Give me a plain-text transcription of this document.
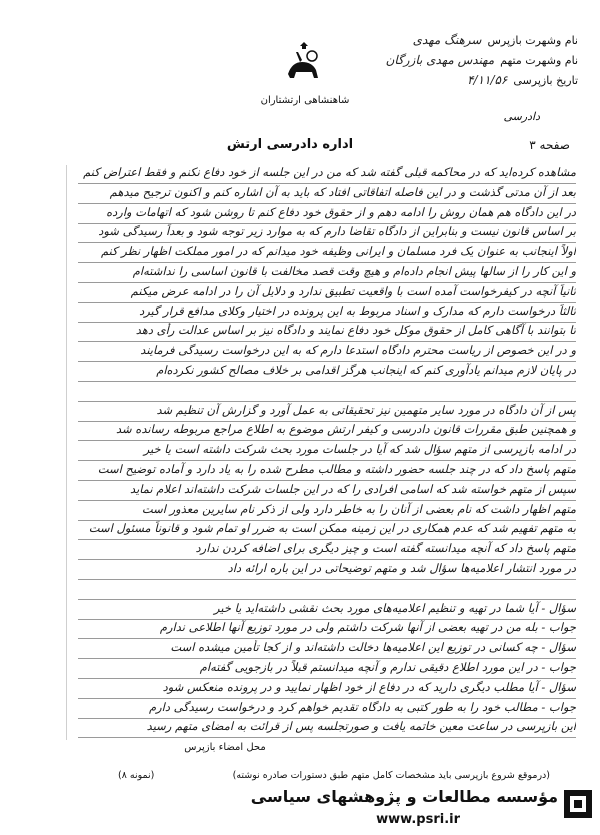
نام وشهرت بازپرس
سرهنگ مهدی
نام وشهرت متهم
مهندس مهدی بازرگان
تاریخ بازپرسی
۴/۱۱/۵۶
شاهنشاهی ارتشتاران
دادرسی
صفحه ۳
اداره دادرسی ارتش
مشاهده کرده‌اید که در محاکمه قبلی گفته شد که من در این جلسه از خود دفاع نکنم و فقط اعتراض کنم
بعد از آن مدتی گذشت و در این فاصله اتفاقاتی افتاد که باید به آن اشاره کنم و اکنون ترجیح میدهم
در این دادگاه هم همان روش را ادامه دهم و از حقوق خود دفاع کنم تا روشن شود که اتهامات وارده
بر اساس قانون نیست و بنابراین از دادگاه تقاضا دارم که به موارد زیر توجه شود و بعداً رسیدگی شود
اولاً اینجانب به عنوان یک فرد مسلمان و ایرانی وظیفه خود میدانم که در امور مملکت اظهار نظر کنم
و این کار را از سالها پیش انجام داده‌ام و هیچ وقت قصد مخالفت با قانون اساسی را نداشته‌ام
ثانیاً آنچه در کیفرخواست آمده است با واقعیت تطبیق ندارد و دلایل آن را در ادامه عرض میکنم
ثالثاً درخواست دارم که مدارک و اسناد مربوط به این پرونده در اختیار وکلای مدافع قرار گیرد
تا بتوانند با آگاهی کامل از حقوق موکل خود دفاع نمایند و دادگاه نیز بر اساس عدالت رأی دهد
و در این خصوص از ریاست محترم دادگاه استدعا دارم که به این درخواست رسیدگی فرمایند
در پایان لازم میدانم یادآوری کنم که اینجانب هرگز اقدامی بر خلاف مصالح کشور نکرده‌ام
پس از آن دادگاه در مورد سایر متهمین نیز تحقیقاتی به عمل آورد و گزارش آن تنظیم شد
و همچنین طبق مقررات قانون دادرسی و کیفر ارتش موضوع به اطلاع مراجع مربوطه رسانده شد
در ادامه بازپرسی از متهم سؤال شد که آیا در جلسات مورد بحث شرکت داشته است یا خیر
متهم پاسخ داد که در چند جلسه حضور داشته و مطالب مطرح شده را به یاد دارد و آماده توضیح است
سپس از متهم خواسته شد که اسامی افرادی را که در این جلسات شرکت داشته‌اند اعلام نماید
متهم اظهار داشت که نام بعضی از آنان را به خاطر دارد ولی از ذکر نام سایرین معذور است
به متهم تفهیم شد که عدم همکاری در این زمینه ممکن است به ضرر او تمام شود و قانوناً مسئول است
متهم پاسخ داد که آنچه میدانسته گفته است و چیز دیگری برای اضافه کردن ندارد
در مورد انتشار اعلامیه‌ها سؤال شد و متهم توضیحاتی در این باره ارائه داد
سؤال - آیا شما در تهیه و تنظیم اعلامیه‌های مورد بحث نقشی داشته‌اید یا خیر
جواب - بله من در تهیه بعضی از آنها شرکت داشتم ولی در مورد توزیع آنها اطلاعی ندارم
سؤال - چه کسانی در توزیع این اعلامیه‌ها دخالت داشته‌اند و از کجا تأمین میشده است
جواب - در این مورد اطلاع دقیقی ندارم و آنچه میدانستم قبلاً در بازجویی گفته‌ام
سؤال - آیا مطلب دیگری دارید که در دفاع از خود اظهار نمایید و در پرونده منعکس شود
جواب - مطالب خود را به طور کتبی به دادگاه تقدیم خواهم کرد و درخواست رسیدگی دارم
این بازپرسی در ساعت معین خاتمه یافت و صورتجلسه پس از قرائت به امضای متهم رسید
محل امضاء بازپرس
(درموقع شروع بازپرسی باید مشخصات کامل متهم طبق دستورات صادره نوشته)
(نمونه ۸)
مؤسسه مطالعات و پژوهشهای سیاسی
www.psri.ir
